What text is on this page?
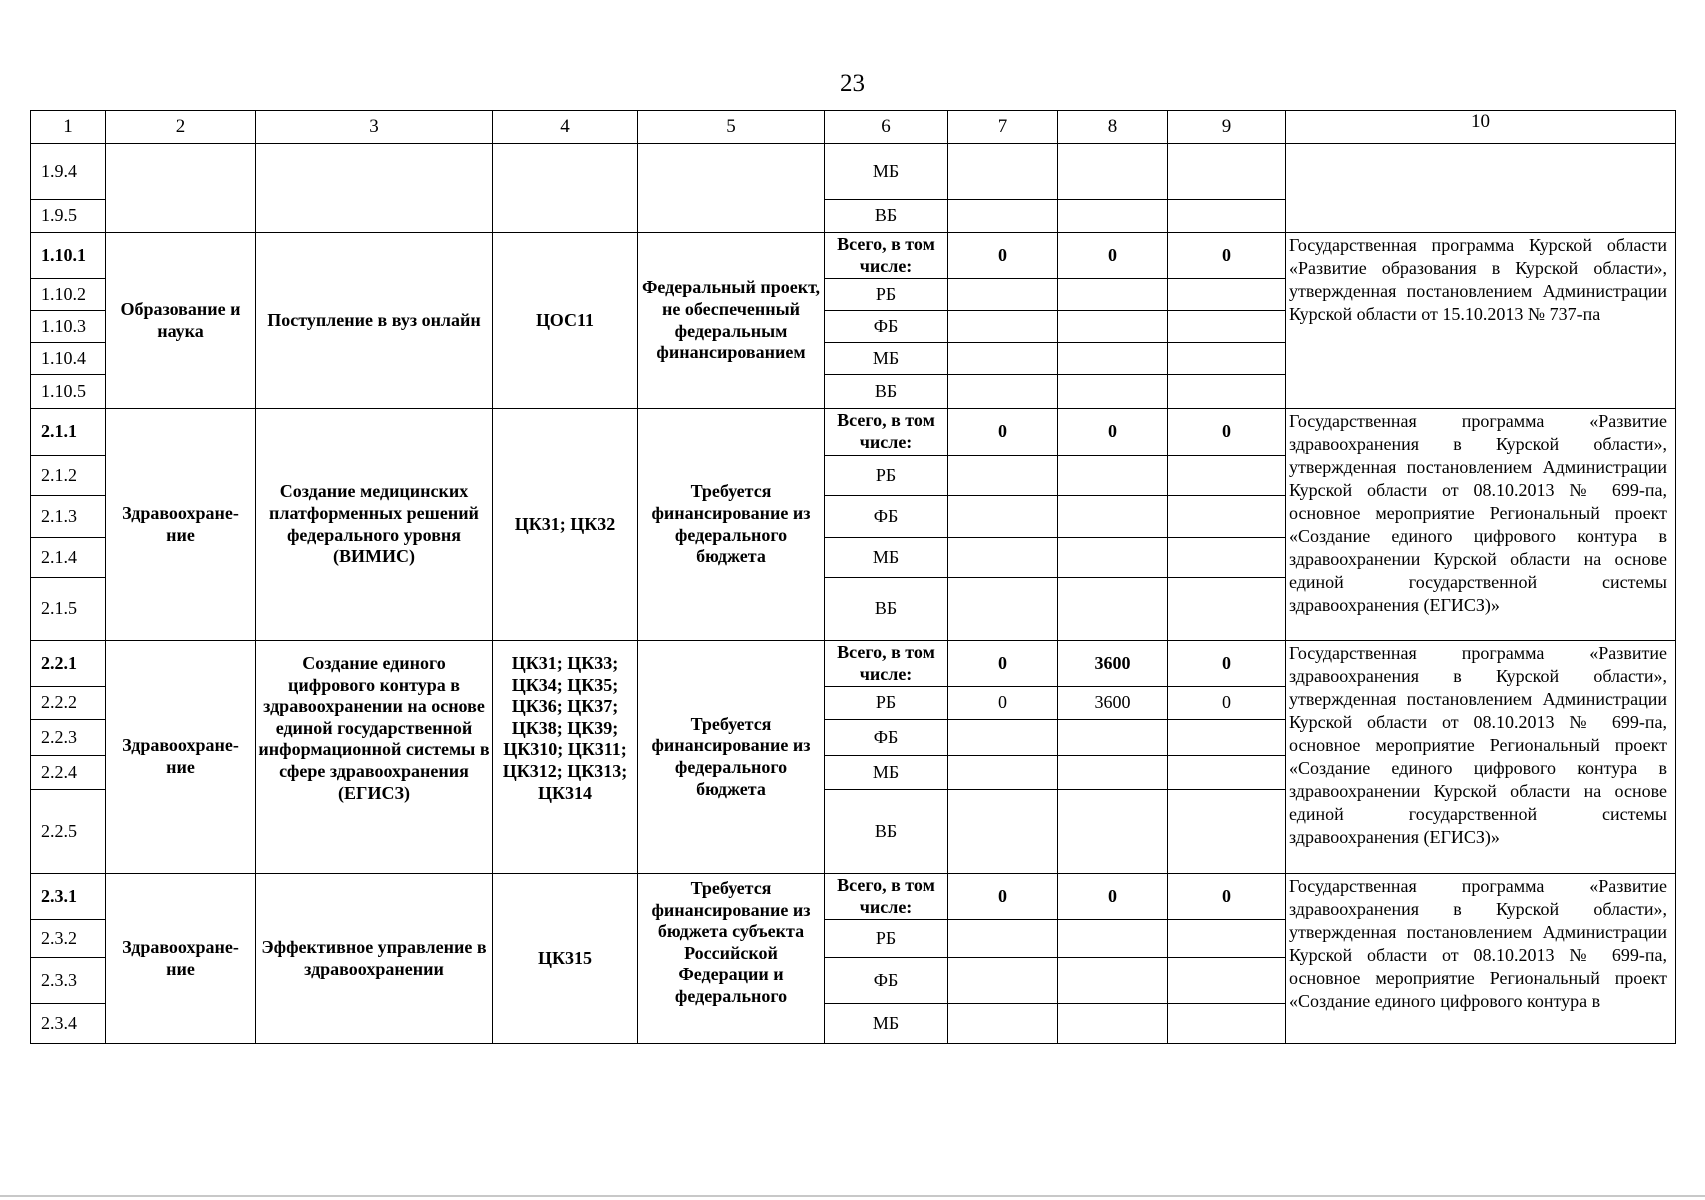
23
1	2	3	4	5	6	7	8	9	10
1.9.4					МБ				
1.9.5					ВБ				
1.10.1	Образование и наука	Поступление в вуз онлайн	ЦОС11	Федеральный проект, не обеспеченный федеральным финансированием	Всего, в том числе:	0	0	0	Государственная программа Курской области «Развитие образования в Курской области», утвержденная постановлением Администрации Курской области от 15.10.2013 № 737-па
1.10.2					РБ				
1.10.3					ФБ				
1.10.4					МБ				
1.10.5					ВБ				
2.1.1	Здравоохране-ние	Создание медицинских платформенных решений федерального уровня (ВИМИС)	ЦК31; ЦК32	Требуется финансирование из федерального бюджета	Всего, в том числе:	0	0	0	Государственная программа «Развитие здравоохранения в Курской области», утвержденная постановлением Администрации Курской области от 08.10.2013 № 699-па, основное мероприятие Региональный проект «Создание единого цифрового контура в здравоохранении Курской области на основе единой государственной системы здравоохранения (ЕГИСЗ)»
2.1.2					РБ				
2.1.3					ФБ				
2.1.4					МБ				
2.1.5					ВБ				
2.2.1	Здравоохране-ние	Создание единого цифрового контура в здравоохранении на основе единой государственной информационной системы в сфере здравоохранения (ЕГИСЗ)	ЦК31; ЦК33; ЦК34; ЦК35; ЦК36; ЦК37; ЦК38; ЦК39; ЦК310; ЦК311; ЦК312; ЦК313; ЦК314	Требуется финансирование из федерального бюджета	Всего, в том числе:	0	3600	0	Государственная программа «Развитие здравоохранения в Курской области», утвержденная постановлением Администрации Курской области от 08.10.2013 № 699-па, основное мероприятие Региональный проект «Создание единого цифрового контура в здравоохранении Курской области на основе единой государственной системы здравоохранения (ЕГИСЗ)»
2.2.2					РБ	0	3600	0	
2.2.3					ФБ				
2.2.4					МБ				
2.2.5					ВБ				
2.3.1	Здравоохране-ние	Эффективное управление в здравоохранении	ЦК315	Требуется финансирование из бюджета субъекта Российской Федерации и федерального	Всего, в том числе:	0	0	0	Государственная программа «Развитие здравоохранения в Курской области», утвержденная постановлением Администрации Курской области от 08.10.2013 № 699-па, основное мероприятие Региональный проект «Создание единого цифрового контура в
2.3.2					РБ				
2.3.3					ФБ				
2.3.4					МБ				
